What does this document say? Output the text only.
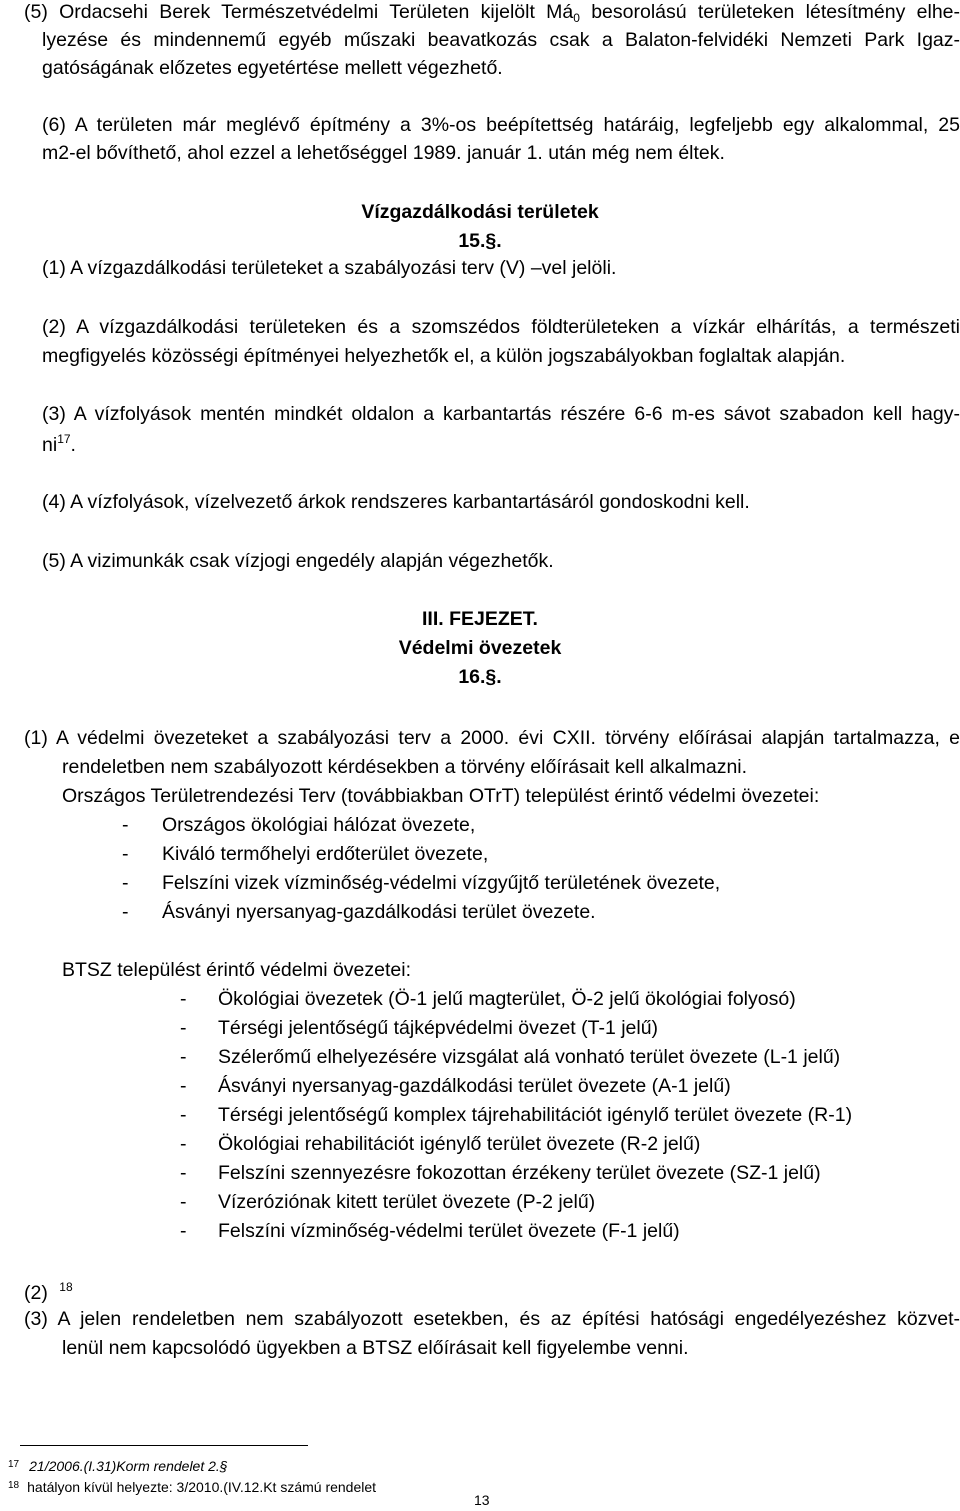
(5) Ordacsehi Berek Természetvédelmi Területen kijelölt $Má_0$ besorolású területeken létesítmény elhe-
lyezése és mindennemű egyéb műszaki beavatkozás csak a Balaton-felvidéki Nemzeti Park Igaz-
gatóságának előzetes egyetértése mellett végezhető.
(6) A területen már meglévő építmény a 3%-os beépítettség határáig, legfeljebb egy alkalommal, 25
m2-el bővíthető, ahol ezzel a lehetőséggel 1989. január 1. után még nem éltek.
Vízgazdálkodási területek
15.§.
(1) A vízgazdálkodási területeket a szabályozási terv (V) –vel jelöli.
(2) A vízgazdálkodási területeken és a szomszédos földterületeken a vízkár elhárítás, a természeti
megfigyelés közösségi építményei helyezhetők el, a külön jogszabályokban foglaltak alapján.
(3) A vízfolyások mentén mindkét oldalon a karbantartás részére 6-6 m-es sávot szabadon kell hagy-
$ni^{17}$.
(4) A vízfolyások, vízelvezető árkok rendszeres karbantartásáról gondoskodni kell.
(5) A vizimunkák csak vízjogi engedély alapján végezhetők.
III. FEJEZET.
Védelmi övezetek
16.§.
(1) A védelmi övezeteket a szabályozási terv a 2000. évi CXII. törvény előírásai alapján tartalmazza, e
rendeletben nem szabályozott kérdésekben a törvény előírásait kell alkalmazni.
Országos Területrendezési Terv (továbbiakban OTrT) települést érintő védelmi övezetei:
- Országos ökológiai hálózat övezete,
- Kiváló termőhelyi erdőterület övezete,
- Felszíni vizek vízminőség-védelmi vízgyűjtő területének övezete,
- Ásványi nyersanyag-gazdálkodási terület övezete.
BTSZ települést érintő védelmi övezetei:
- Ökológiai övezetek (Ö-1 jelű magterület, Ö-2 jelű ökológiai folyosó)
- Térségi jelentőségű tájképvédelmi övezet (T-1 jelű)
- Szélerőmű elhelyezésére vizsgálat alá vonható terület övezete (L-1 jelű)
- Ásványi nyersanyag-gazdálkodási terület övezete (A-1 jelű)
- Térségi jelentőségű komplex tájrehabilitációt igénylő terület övezete (R-1)
- Ökológiai rehabilitációt igénylő terület övezete (R-2 jelű)
- Felszíni szennyezésre fokozottan érzékeny terület övezete (SZ-1 jelű)
- Vízeróziónak kitett terület övezete (P-2 jelű)
- Felszíni vízminőség-védelmi terület övezete (F-1 jelű)
(2) $^{18}$
(3) A jelen rendeletben nem szabályozott esetekben, és az építési hatósági engedélyezéshez közvet-
lenül nem kapcsolódó ügyekben a BTSZ előírásait kell figyelembe venni.
$^{17}$ 21/2006.(I.31)Korm rendelet 2.§
$^{18}$ hatályon kívül helyezte: 3/2010.(IV.12.Kt számú rendelet
13
